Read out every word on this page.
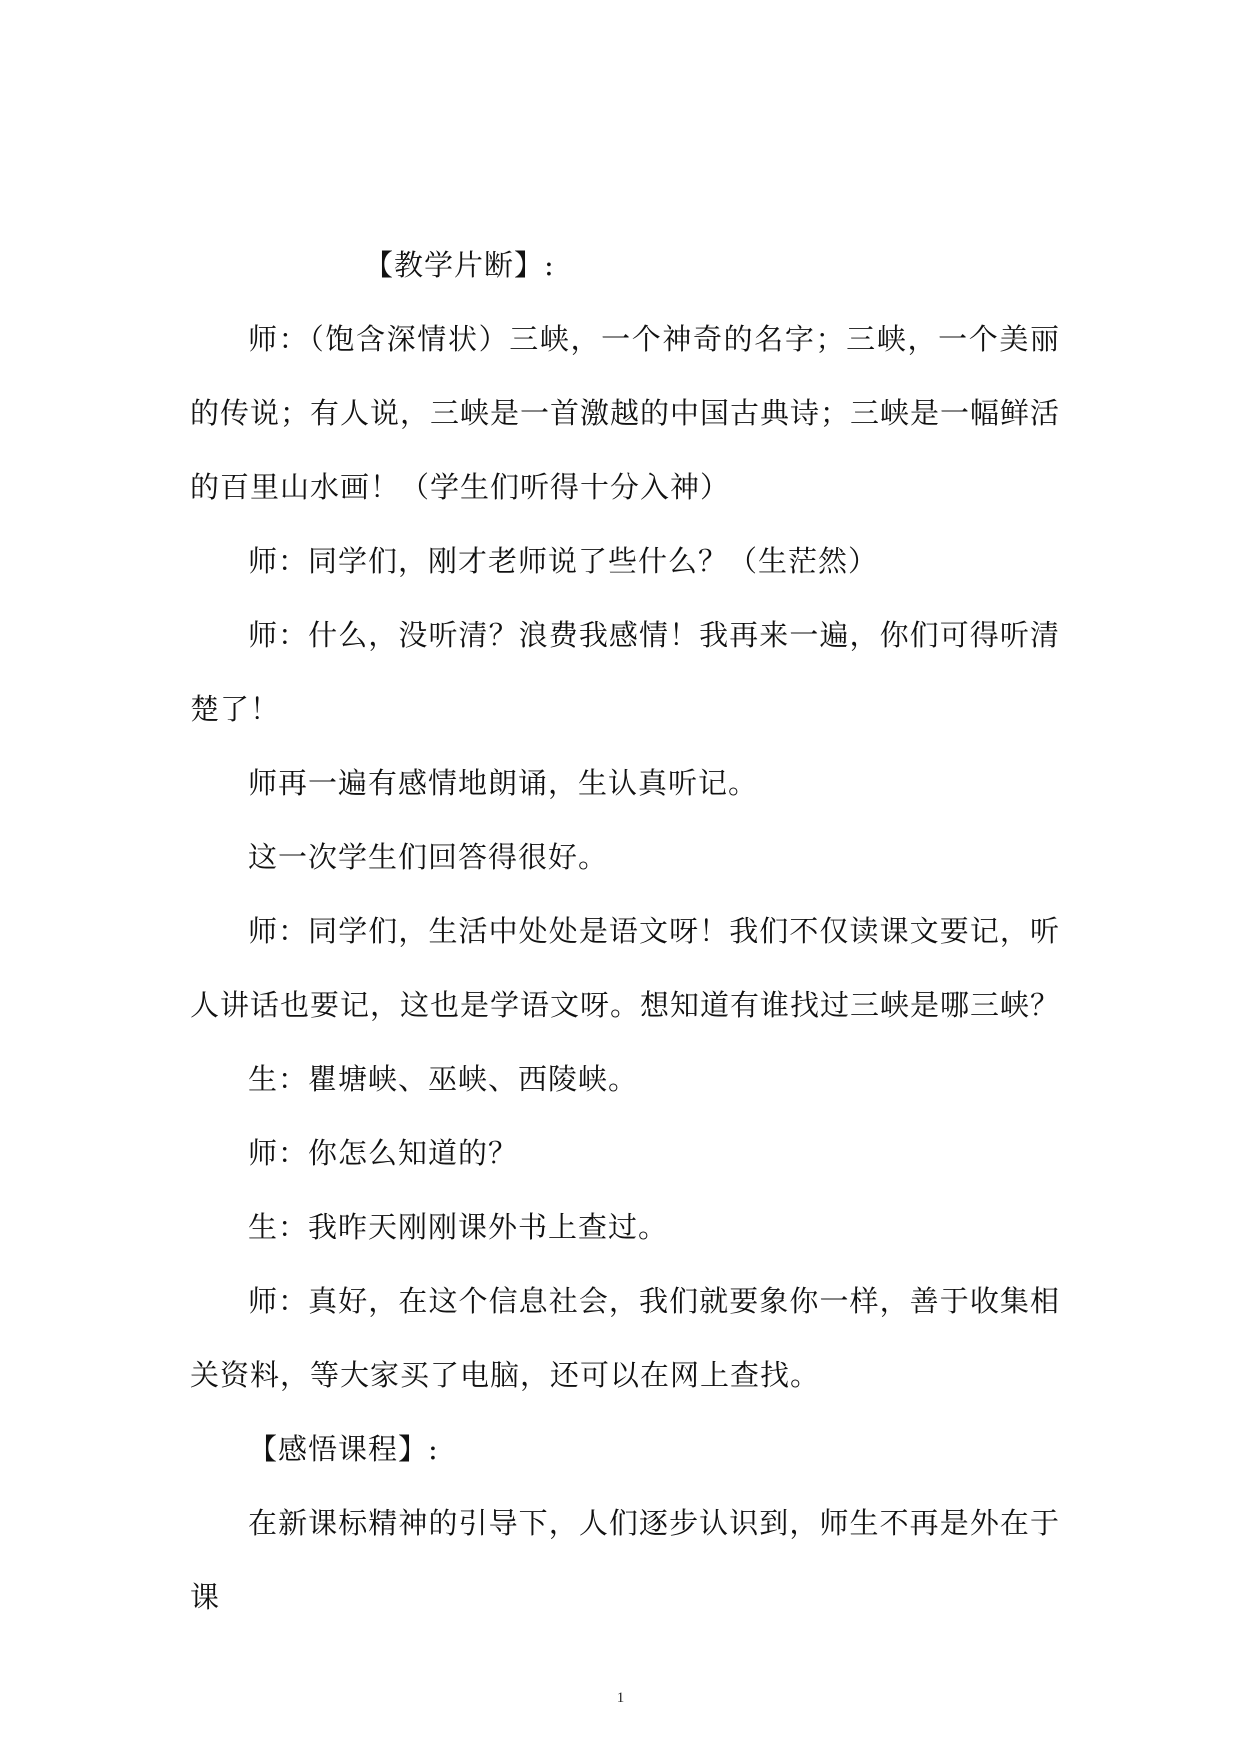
【教学片断】:

师：（饱含深情状）三峡，一个神奇的名字；三峡，一个美丽的传说；有人说，三峡是一首激越的中国古典诗；三峡是一幅鲜活的百里山水画！（学生们听得十分入神）

师：同学们，刚才老师说了些什么？（生茫然）

师：什么，没听清？浪费我感情！我再来一遍，你们可得听清楚了！

师再一遍有感情地朗诵，生认真听记。

这一次学生们回答得很好。

师：同学们，生活中处处是语文呀！我们不仅读课文要记，听人讲话也要记，这也是学语文呀。想知道有谁找过三峡是哪三峡？

生：瞿塘峡、巫峡、西陵峡。

师：你怎么知道的？

生：我昨天刚刚课外书上查过。

师：真好，在这个信息社会，我们就要象你一样，善于收集相关资料，等大家买了电脑，还可以在网上查找。

【感悟课程】:

在新课标精神的引导下，人们逐步认识到，师生不再是外在于课

1
